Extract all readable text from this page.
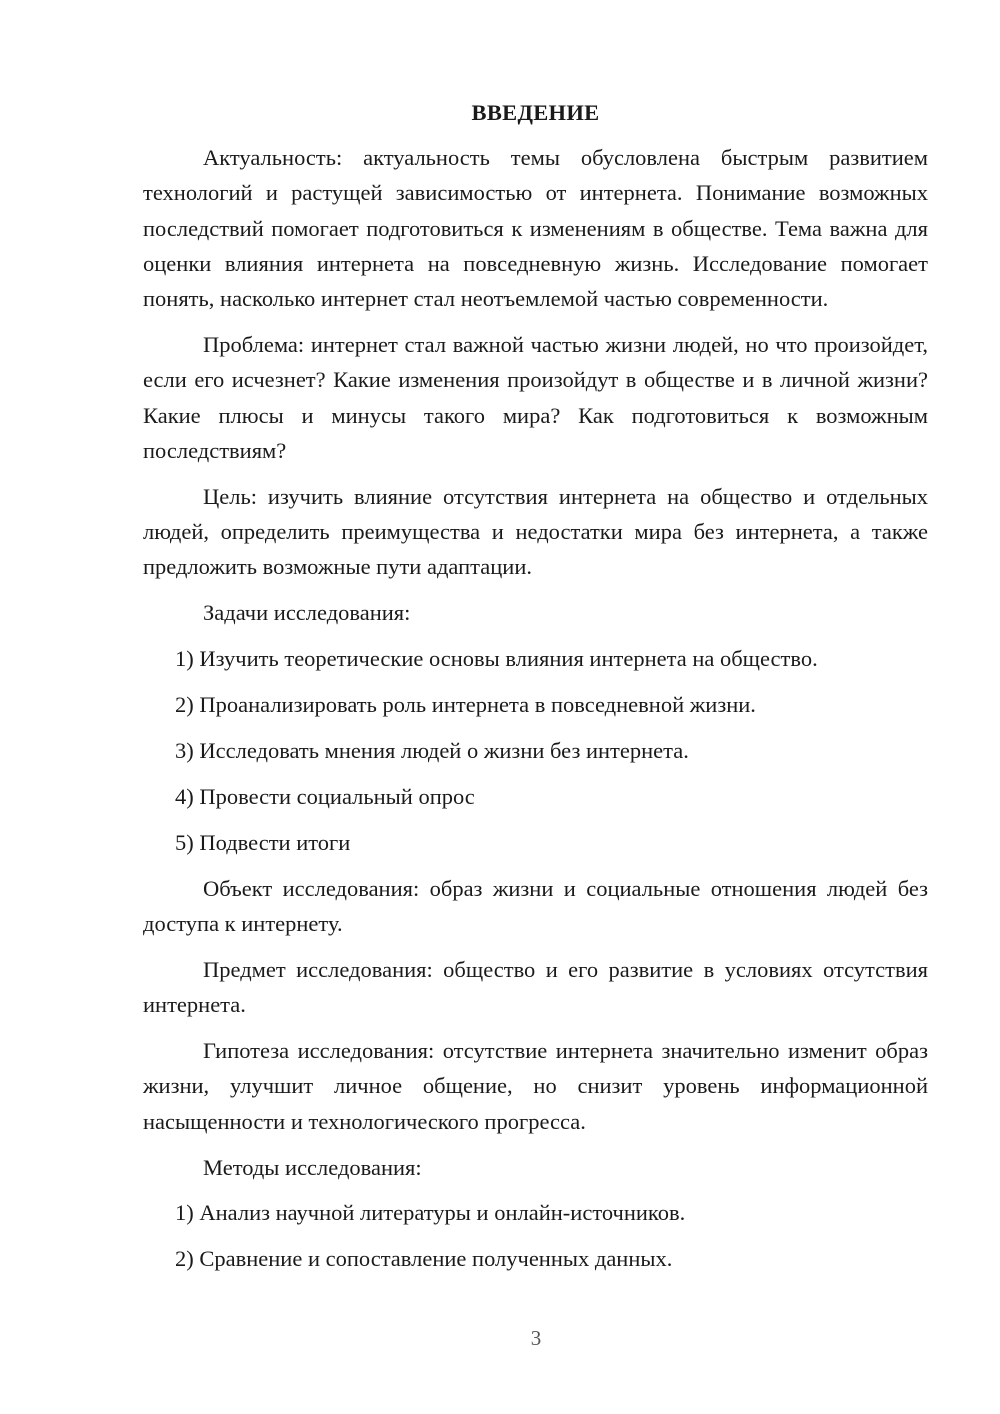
ВВЕДЕНИЕ

Актуальность: актуальность темы обусловлена быстрым развитием технологий и растущей зависимостью от интернета. Понимание возможных последствий помогает подготовиться к изменениям в обществе. Тема важна для оценки влияния интернета на повседневную жизнь. Исследование помогает понять, насколько интернет стал неотъемлемой частью современности.

Проблема: интернет стал важной частью жизни людей, но что произойдет, если его исчезнет? Какие изменения произойдут в обществе и в личной жизни? Какие плюсы и минусы такого мира? Как подготовиться к возможным последствиям?

Цель: изучить влияние отсутствия интернета на общество и отдельных людей, определить преимущества и недостатки мира без интернета, а также предложить возможные пути адаптации.

Задачи исследования:

1) Изучить теоретические основы влияния интернета на общество.

2) Проанализировать роль интернета в повседневной жизни.

3) Исследовать мнения людей о жизни без интернета.

4) Провести социальный опрос

5) Подвести итоги

Объект исследования: образ жизни и социальные отношения людей без доступа к интернету.

Предмет исследования: общество и его развитие в условиях отсутствия интернета.

Гипотеза исследования: отсутствие интернета значительно изменит образ жизни, улучшит личное общение, но снизит уровень информационной насыщенности и технологического прогресса.

Методы исследования:

1) Анализ научной литературы и онлайн-источников.

2) Сравнение и сопоставление полученных данных.

3
